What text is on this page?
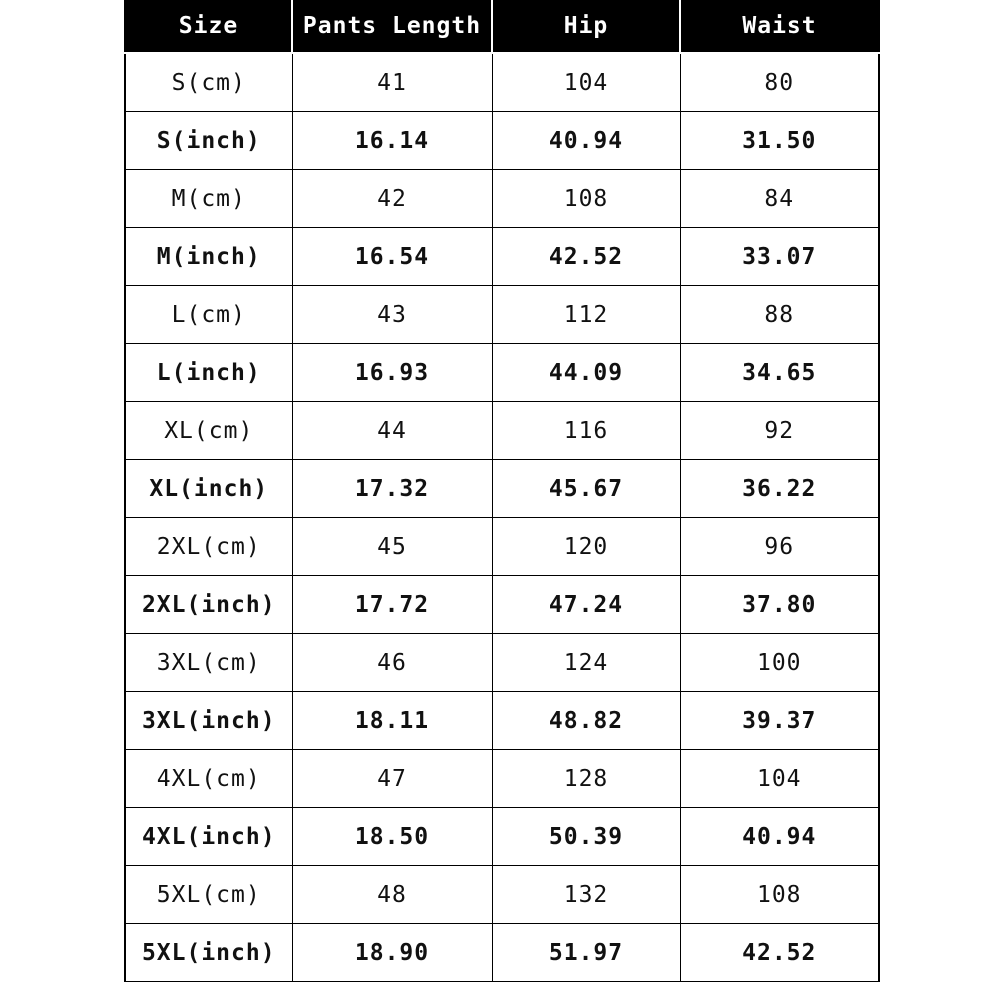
Size	Pants Length	Hip	Waist
S(cm)	41	104	80
S(inch)	16.14	40.94	31.50
M(cm)	42	108	84
M(inch)	16.54	42.52	33.07
L(cm)	43	112	88
L(inch)	16.93	44.09	34.65
XL(cm)	44	116	92
XL(inch)	17.32	45.67	36.22
2XL(cm)	45	120	96
2XL(inch)	17.72	47.24	37.80
3XL(cm)	46	124	100
3XL(inch)	18.11	48.82	39.37
4XL(cm)	47	128	104
4XL(inch)	18.50	50.39	40.94
5XL(cm)	48	132	108
5XL(inch)	18.90	51.97	42.52
